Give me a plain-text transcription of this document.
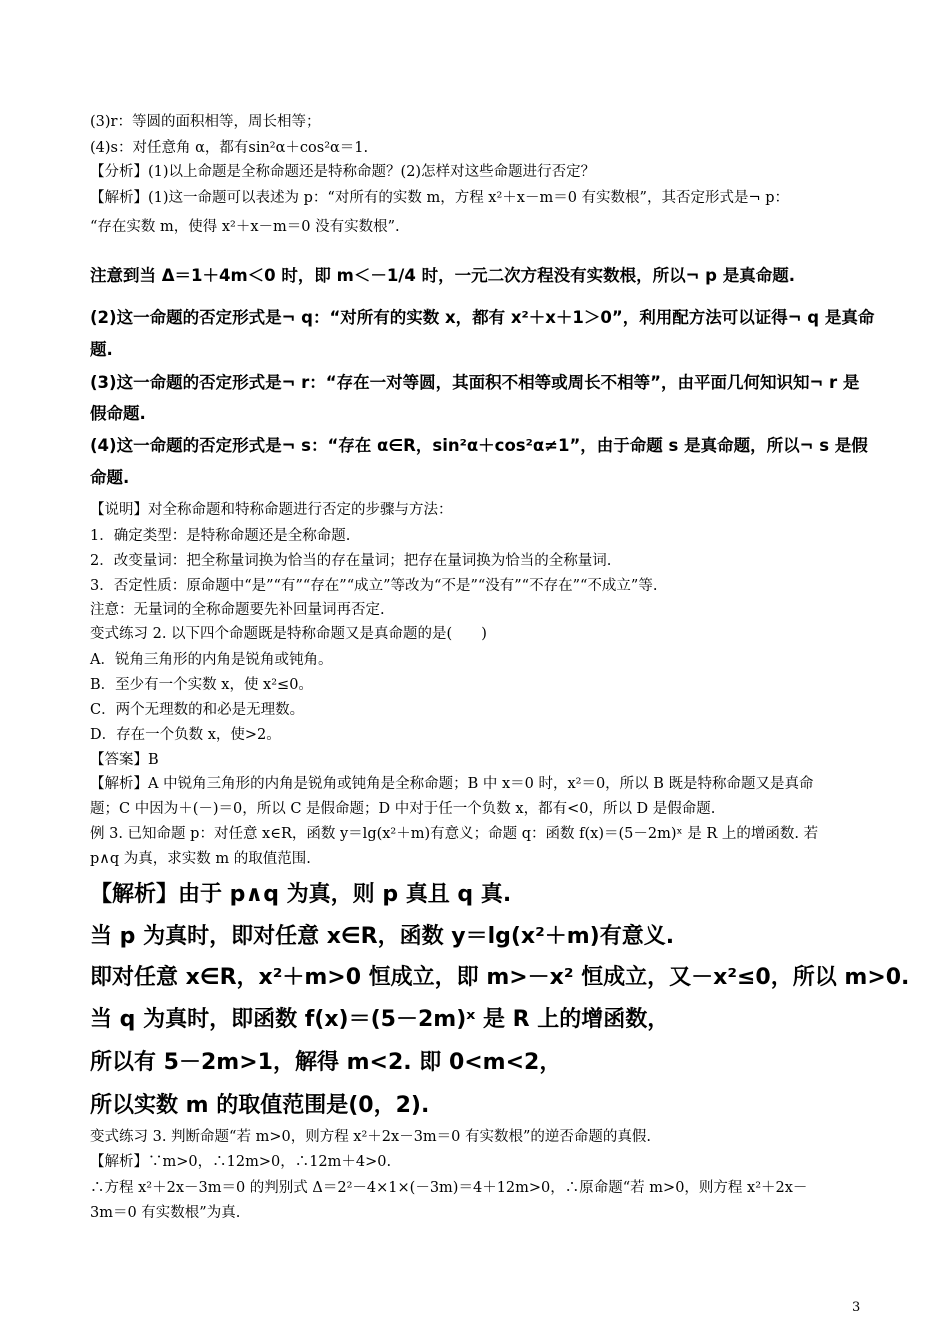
(3)r：等圆的面积相等，周长相等；
(4)s：对任意角 α，都有sin²α＋cos²α＝1.
【分析】(1)以上命题是全称命题还是特称命题？(2)怎样对这些命题进行否定？
【解析】(1)这一命题可以表述为 p：“对所有的实数 m，方程 x²＋x－m＝0 有实数根”，其否定形式是¬ p：
“存在实数 m，使得 x²＋x－m＝0 没有实数根”.
注意到当 Δ＝1＋4m＜0 时，即 m＜－1/4 时，一元二次方程没有实数根，所以¬ p 是真命题.
(2)这一命题的否定形式是¬ q：“对所有的实数 x，都有 x²＋x＋1＞0”，利用配方法可以证得¬ q 是真命
题.
(3)这一命题的否定形式是¬ r：“存在一对等圆，其面积不相等或周长不相等”，由平面几何知识知¬ r 是
假命题.
(4)这一命题的否定形式是¬ s：“存在 α∈R，sin²α＋cos²α≠1”，由于命题 s 是真命题，所以¬ s 是假
命题.
【说明】对全称命题和特称命题进行否定的步骤与方法：
1．确定类型：是特称命题还是全称命题.
2．改变量词：把全称量词换为恰当的存在量词；把存在量词换为恰当的全称量词.
3．否定性质：原命题中“是”“有”“存在”“成立”等改为“不是”“没有”“不存在”“不成立”等.
注意：无量词的全称命题要先补回量词再否定.
变式练习 2. 以下四个命题既是特称命题又是真命题的是(　　)
A．锐角三角形的内角是锐角或钝角。
B．至少有一个实数 x，使 x²≤0。
C．两个无理数的和必是无理数。
D．存在一个负数 x，使>2。
【答案】B
【解析】A 中锐角三角形的内角是锐角或钝角是全称命题；B 中 x＝0 时，x²＝0，所以 B 既是特称命题又是真命
题；C 中因为＋(－)＝0，所以 C 是假命题；D 中对于任一个负数 x，都有<0，所以 D 是假命题.
例 3. 已知命题 p：对任意 x∈R，函数 y＝lg(x²＋m)有意义；命题 q：函数 f(x)＝(5－2m)ˣ 是 R 上的增函数. 若
p∧q 为真，求实数 m 的取值范围.
【解析】由于 p∧q 为真，则 p 真且 q 真.
当 p 为真时，即对任意 x∈R，函数 y＝lg(x²＋m)有意义.
即对任意 x∈R，x²＋m>0 恒成立，即 m>－x² 恒成立，又－x²≤0，所以 m>0.
当 q 为真时，即函数 f(x)＝(5－2m)ˣ 是 R 上的增函数，
所以有 5－2m>1，解得 m<2. 即 0<m<2，
所以实数 m 的取值范围是(0，2).
变式练习 3. 判断命题“若 m>0，则方程 x²＋2x－3m＝0 有实数根”的逆否命题的真假.
【解析】∵m>0，∴12m>0，∴12m＋4>0.
∴方程 x²＋2x－3m＝0 的判别式 Δ＝2²－4×1×(－3m)＝4＋12m>0，∴原命题“若 m>0，则方程 x²＋2x－
3m＝0 有实数根”为真.
3
